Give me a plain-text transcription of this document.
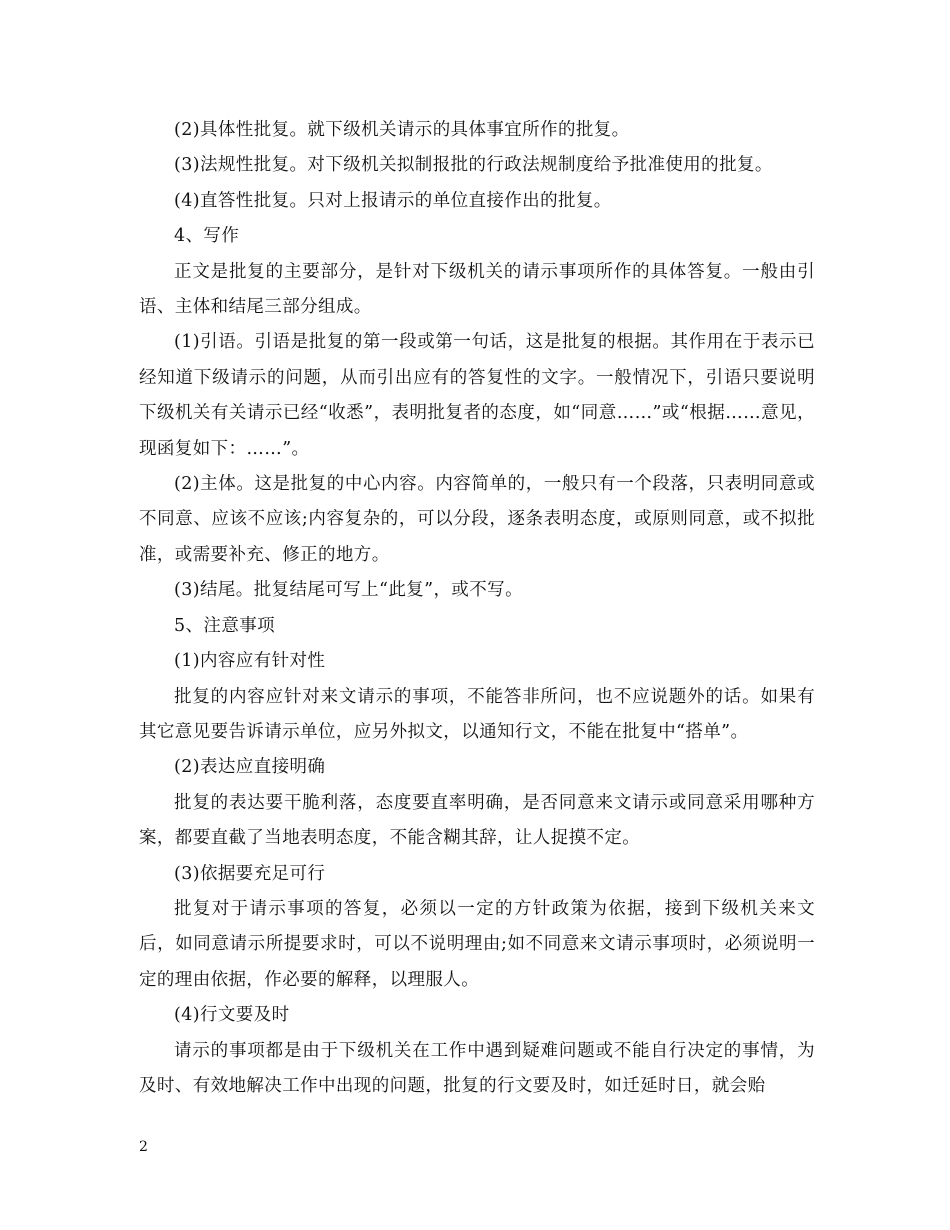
(2)具体性批复。就下级机关请示的具体事宜所作的批复。

(3)法规性批复。对下级机关拟制报批的行政法规制度给予批准使用的批复。

(4)直答性批复。只对上报请示的单位直接作出的批复。

4、写作

正文是批复的主要部分，是针对下级机关的请示事项所作的具体答复。一般由引语、主体和结尾三部分组成。

(1)引语。引语是批复的第一段或第一句话，这是批复的根据。其作用在于表示已经知道下级请示的问题，从而引出应有的答复性的文字。一般情况下，引语只要说明下级机关有关请示已经“收悉”，表明批复者的态度，如“同意……”或“根据……意见，现函复如下：……”。

(2)主体。这是批复的中心内容。内容简单的，一般只有一个段落，只表明同意或不同意、应该不应该;内容复杂的，可以分段，逐条表明态度，或原则同意，或不拟批准，或需要补充、修正的地方。

(3)结尾。批复结尾可写上“此复”，或不写。

5、注意事项

(1)内容应有针对性

批复的内容应针对来文请示的事项，不能答非所问，也不应说题外的话。如果有其它意见要告诉请示单位，应另外拟文，以通知行文，不能在批复中“搭单”。

(2)表达应直接明确

批复的表达要干脆利落，态度要直率明确，是否同意来文请示或同意采用哪种方案，都要直截了当地表明态度，不能含糊其辞，让人捉摸不定。

(3)依据要充足可行

批复对于请示事项的答复，必须以一定的方针政策为依据，接到下级机关来文后，如同意请示所提要求时，可以不说明理由;如不同意来文请示事项时，必须说明一定的理由依据，作必要的解释，以理服人。

(4)行文要及时

请示的事项都是由于下级机关在工作中遇到疑难问题或不能自行决定的事情，为及时、有效地解决工作中出现的问题，批复的行文要及时，如迁延时日，就会贻

2
